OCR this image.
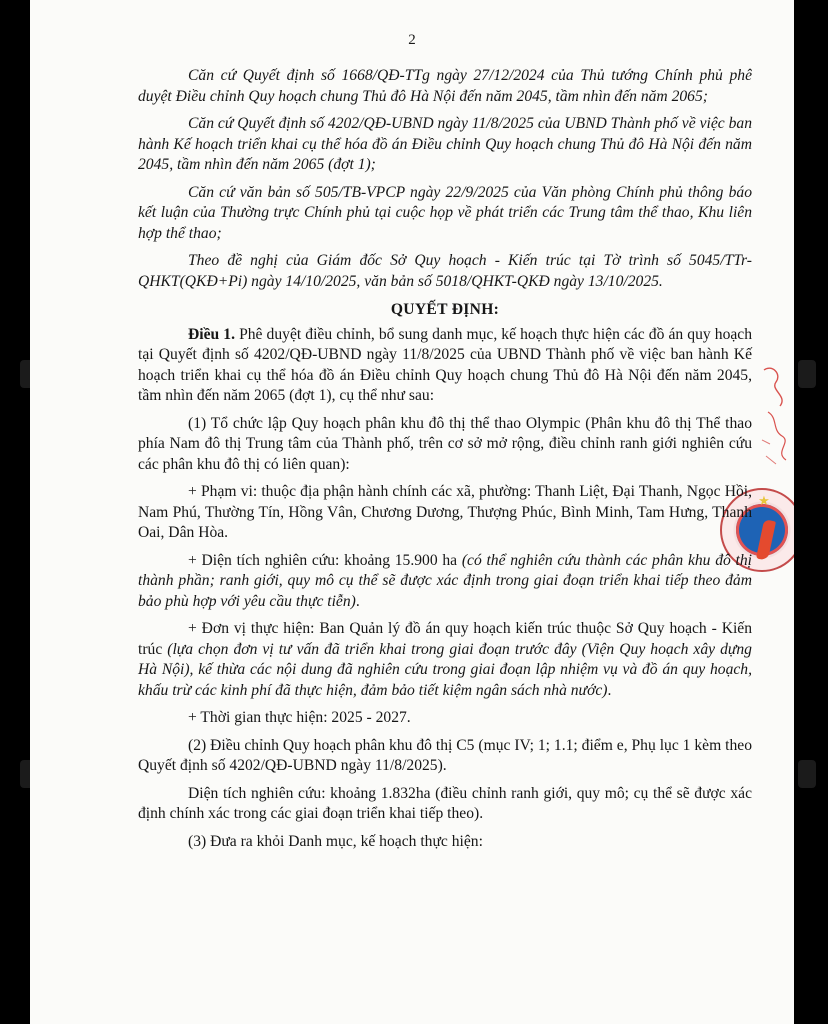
2
★

Căn cứ Quyết định số 1668/QĐ-TTg ngày 27/12/2024 của Thủ tướng Chính phủ phê duyệt Điều chỉnh Quy hoạch chung Thủ đô Hà Nội đến năm 2045, tầm nhìn đến năm 2065;

Căn cứ Quyết định số 4202/QĐ-UBND ngày 11/8/2025 của UBND Thành phố về việc ban hành Kế hoạch triển khai cụ thể hóa đồ án Điều chỉnh Quy hoạch chung Thủ đô Hà Nội đến năm 2045, tầm nhìn đến năm 2065 (đợt 1);

Căn cứ văn bản số 505/TB-VPCP ngày 22/9/2025 của Văn phòng Chính phủ thông báo kết luận của Thường trực Chính phủ tại cuộc họp về phát triển các Trung tâm thể thao, Khu liên hợp thể thao;

Theo đề nghị của Giám đốc Sở Quy hoạch - Kiến trúc tại Tờ trình số 5045/TTr-QHKT(QKĐ+Pi) ngày 14/10/2025, văn bản số 5018/QHKT-QKĐ ngày 13/10/2025.

QUYẾT ĐỊNH:

Điều 1. Phê duyệt điều chỉnh, bổ sung danh mục, kế hoạch thực hiện các đồ án quy hoạch tại Quyết định số 4202/QĐ-UBND ngày 11/8/2025 của UBND Thành phố về việc ban hành Kế hoạch triển khai cụ thể hóa đồ án Điều chỉnh Quy hoạch chung Thủ đô Hà Nội đến năm 2045, tầm nhìn đến năm 2065 (đợt 1), cụ thể như sau:

(1) Tổ chức lập Quy hoạch phân khu đô thị thể thao Olympic (Phân khu đô thị Thể thao phía Nam đô thị Trung tâm của Thành phố, trên cơ sở mở rộng, điều chỉnh ranh giới nghiên cứu các phân khu đô thị có liên quan):

+ Phạm vi: thuộc địa phận hành chính các xã, phường: Thanh Liệt, Đại Thanh, Ngọc Hồi, Nam Phú, Thường Tín, Hồng Vân, Chương Dương, Thượng Phúc, Bình Minh, Tam Hưng, Thanh Oai, Dân Hòa.

+ Diện tích nghiên cứu: khoảng 15.900 ha (có thể nghiên cứu thành các phân khu đô thị thành phần; ranh giới, quy mô cụ thể sẽ được xác định trong giai đoạn triển khai tiếp theo đảm bảo phù hợp với yêu cầu thực tiễn).

+ Đơn vị thực hiện: Ban Quản lý đồ án quy hoạch kiến trúc thuộc Sở Quy hoạch - Kiến trúc (lựa chọn đơn vị tư vấn đã triển khai trong giai đoạn trước đây (Viện Quy hoạch xây dựng Hà Nội), kế thừa các nội dung đã nghiên cứu trong giai đoạn lập nhiệm vụ và đồ án quy hoạch, khấu trừ các kinh phí đã thực hiện, đảm bảo tiết kiệm ngân sách nhà nước).

+ Thời gian thực hiện: 2025 - 2027.

(2) Điều chỉnh Quy hoạch phân khu đô thị C5 (mục IV; 1; 1.1; điểm e, Phụ lục 1 kèm theo Quyết định số 4202/QĐ-UBND ngày 11/8/2025).

Diện tích nghiên cứu: khoảng 1.832ha (điều chỉnh ranh giới, quy mô; cụ thể sẽ được xác định chính xác trong các giai đoạn triển khai tiếp theo).

(3) Đưa ra khỏi Danh mục, kế hoạch thực hiện:
